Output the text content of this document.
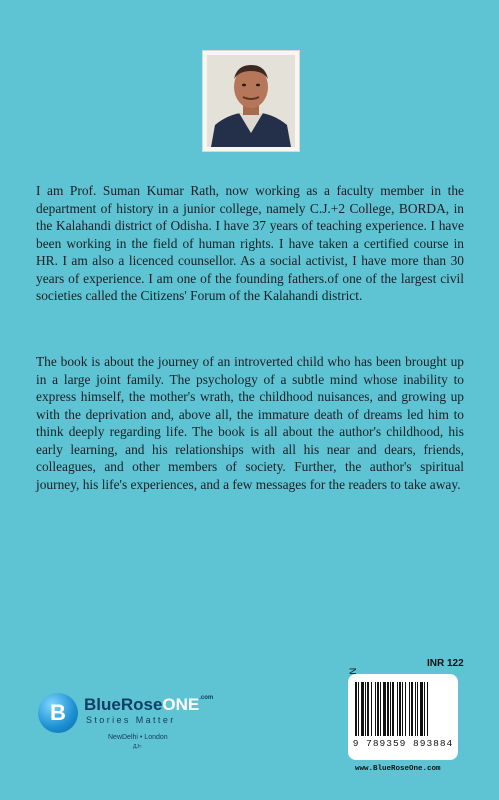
I am Prof. Suman Kumar Rath, now working as a faculty member in the department of history in a junior college, namely C.J.+2 College, BORDA, in the Kalahandi district of Odisha. I have 37 years of teaching experience. I have been working in the field of human rights. I have taken a certified course in HR. I am also a licenced counsellor. As a social activist, I have more than 30 years of experience. I am one of the founding fathers.of one of the largest civil societies called the Citizens' Forum of the Kalahandi district.

The book is about the journey of an introverted child who has been brought up in a large joint family. The psychology of a subtle mind whose inability to express himself, the mother's wrath, the childhood nuisances, and growing up with the deprivation and, above all, the immature death of dreams led him to think deeply regarding life. The book is all about the author's childhood, his early learning, and his relationships with all his near and dears, friends, colleagues, and other members of society. Further, the author's spiritual journey, his life's experiences, and a few messages for the readers to take away.

B	BlueRoseONE$^{.com}$
Stories Matter
NewDelhi • London
ДJ≈
INR 122
9 789359 893884
www.BlueRoseOne.com
